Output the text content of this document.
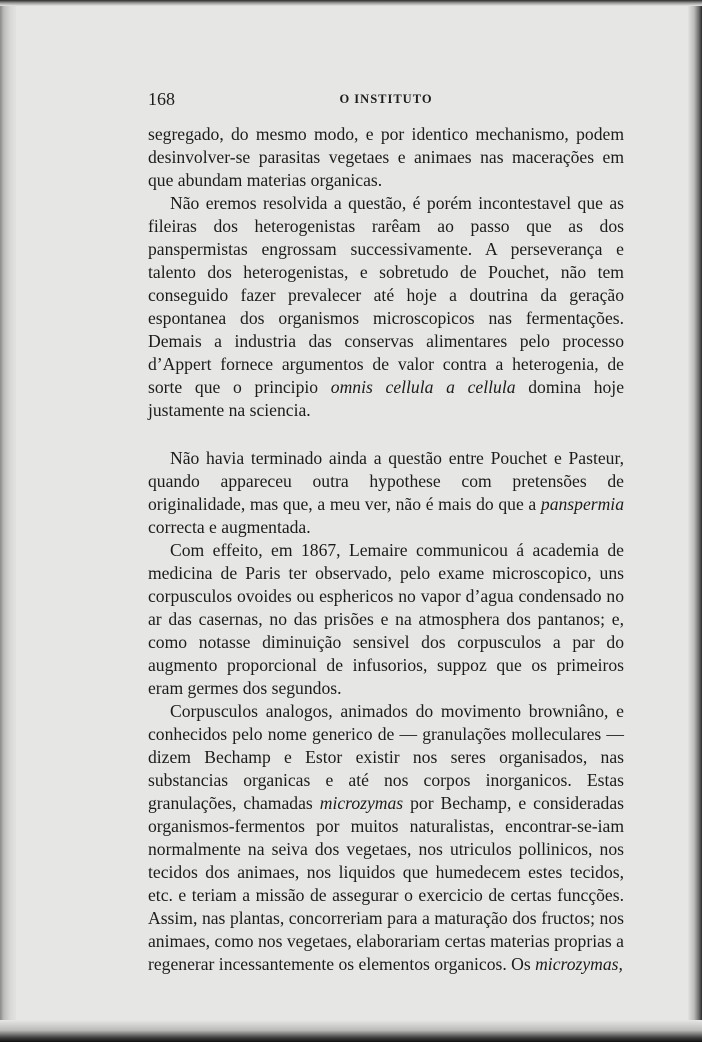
168	O INSTITUTO

segregado, do mesmo modo, e por identico mechanismo, podem desinvolver-se parasitas vegetaes e animaes nas macerações em que abundam materias organicas.

Não eremos resolvida a questão, é porém incontestavel que as fileiras dos heterogenistas rarêam ao passo que as dos panspermistas engrossam successivamente. A perseverança e talento dos heterogenistas, e sobretudo de Pouchet, não tem conseguido fazer prevalecer até hoje a doutrina da geração espontanea dos organismos microscopicos nas fermentações. Demais a industria das conservas alimentares pelo processo d’Appert fornece argumentos de valor contra a heterogenia, de sorte que o principio omnis cellula a cellula domina hoje justamente na sciencia.

Não havia terminado ainda a questão entre Pouchet e Pasteur, quando appareceu outra hypothese com pretensões de originalidade, mas que, a meu ver, não é mais do que a panspermia correcta e augmentada.

Com effeito, em 1867, Lemaire communicou á academia de medicina de Paris ter observado, pelo exame microscopico, uns corpusculos ovoides ou esphericos no vapor d’agua condensado no ar das casernas, no das prisões e na atmosphera dos pantanos; e, como notasse diminuição sensivel dos corpusculos a par do augmento proporcional de infusorios, suppoz que os primeiros eram germes dos segundos.

Corpusculos analogos, animados do movimento browniâno, e conhecidos pelo nome generico de — granulações molleculares — dizem Bechamp e Estor existir nos seres organisados, nas substancias organicas e até nos corpos inorganicos. Estas granulações, chamadas microzymas por Bechamp, e consideradas organismos-fermentos por muitos naturalistas, encontrar-se-iam normalmente na seiva dos vegetaes, nos utriculos pollinicos, nos tecidos dos animaes, nos liquidos que humedecem estes tecidos, etc. e teriam a missão de assegurar o exercicio de certas funcções. Assim, nas plantas, concorreriam para a maturação dos fructos; nos animaes, como nos vegetaes, elaborariam certas materias proprias a regenerar incessantemente os elementos organicos. Os microzymas,
